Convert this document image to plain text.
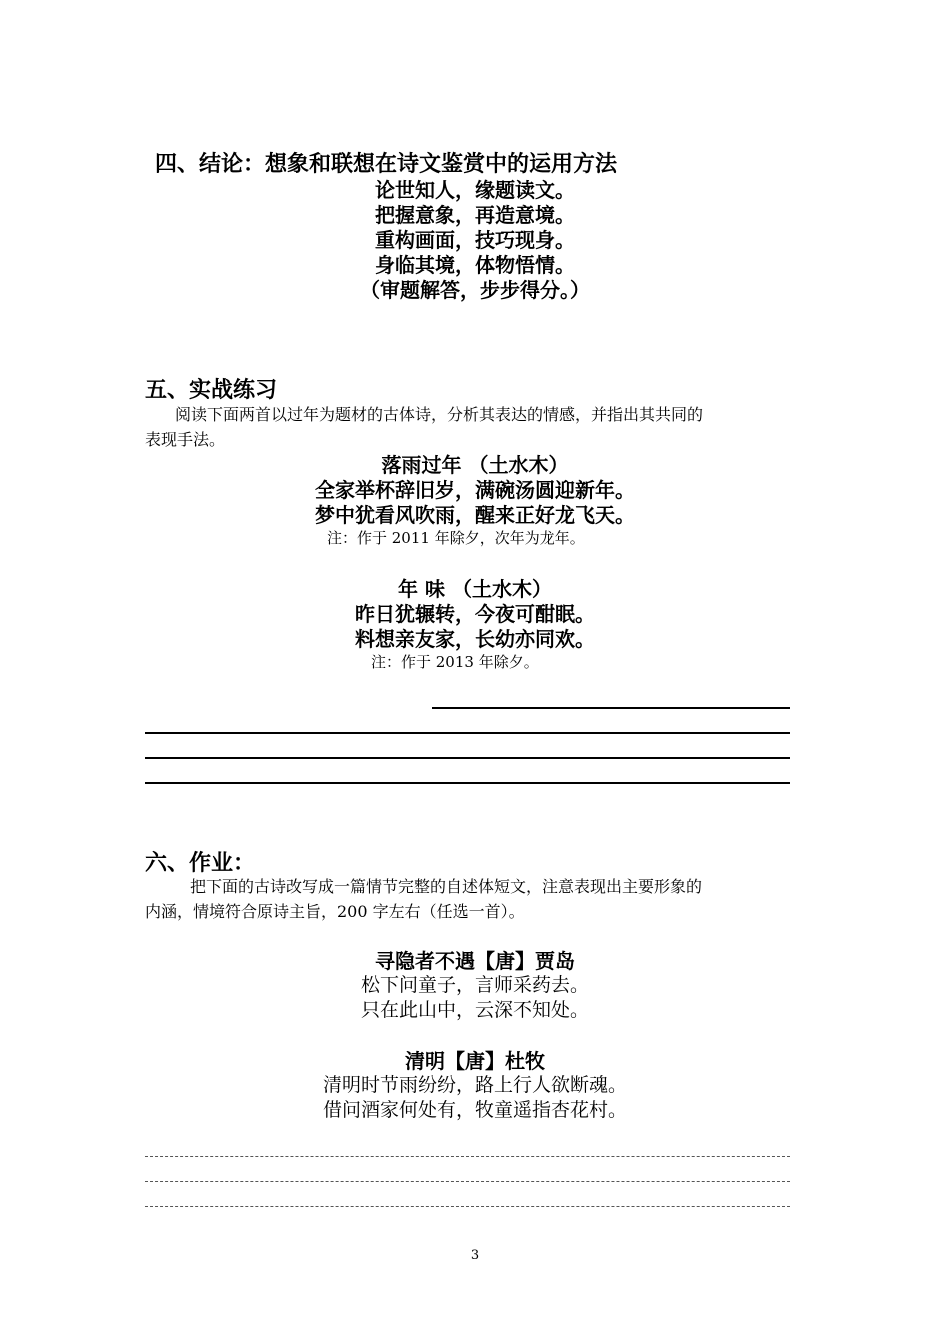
四、结论：想象和联想在诗文鉴赏中的运用方法
论世知人，缘题读文。
把握意象，再造意境。
重构画面，技巧现身。
身临其境，体物悟情。
（审题解答，步步得分。）
五、实战练习
阅读下面两首以过年为题材的古体诗，分析其表达的情感，并指出其共同的
表现手法。
落雨过年 （土水木）
全家举杯辞旧岁，满碗汤圆迎新年。
梦中犹看风吹雨，醒来正好龙飞天。
注：作于 2011 年除夕，次年为龙年。
年 味 （土水木）
昨日犹辗转，今夜可酣眠。
料想亲友家，长幼亦同欢。
注：作于 2013 年除夕。
六、作业：
把下面的古诗改写成一篇情节完整的自述体短文，注意表现出主要形象的
内涵，情境符合原诗主旨，200 字左右（任选一首）。
寻隐者不遇【唐】贾岛
松下问童子，言师采药去。
只在此山中，云深不知处。
清明【唐】杜牧
清明时节雨纷纷，路上行人欲断魂。
借问酒家何处有，牧童遥指杏花村。
3
